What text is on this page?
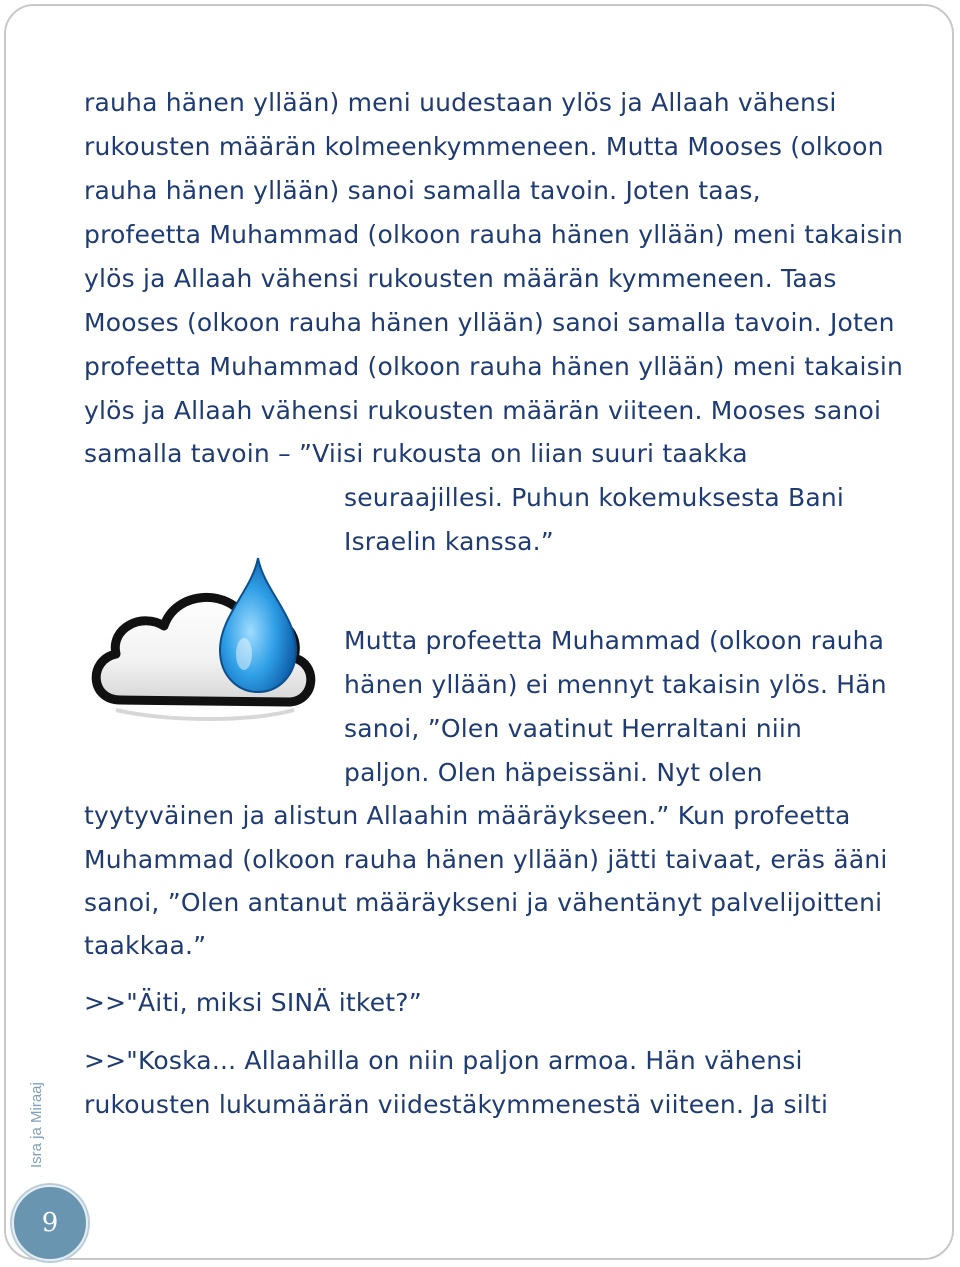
rauha hänen yllään) meni uudestaan ylös ja Allaah vähensi
rukousten määrän kolmeenkymmeneen. Mutta Mooses (olkoon
rauha hänen yllään) sanoi samalla tavoin. Joten taas,
profeetta Muhammad (olkoon rauha hänen yllään) meni takaisin
ylös ja Allaah vähensi rukousten määrän kymmeneen. Taas
Mooses (olkoon rauha hänen yllään) sanoi samalla tavoin. Joten
profeetta Muhammad (olkoon rauha hänen yllään) meni takaisin
ylös ja Allaah vähensi rukousten määrän viiteen. Mooses sanoi
samalla tavoin – ”Viisi rukousta on liian suuri taakka
seuraajillesi. Puhun kokemuksesta Bani
Israelin kanssa.”
Mutta profeetta Muhammad (olkoon rauha
hänen yllään) ei mennyt takaisin ylös. Hän
sanoi, ”Olen vaatinut Herraltani niin
paljon. Olen häpeissäni. Nyt olen
tyytyväinen ja alistun Allaahin määräykseen.” Kun profeetta
Muhammad (olkoon rauha hänen yllään) jätti taivaat, eräs ääni
sanoi, ”Olen antanut määräykseni ja vähentänyt palvelijoitteni
taakkaa.”
>>"Äiti, miksi SINÄ itket?”
>>"Koska... Allaahilla on niin paljon armoa. Hän vähensi
rukousten lukumäärän viidestäkymmenestä viiteen. Ja silti
Isra ja Miraaj
9
